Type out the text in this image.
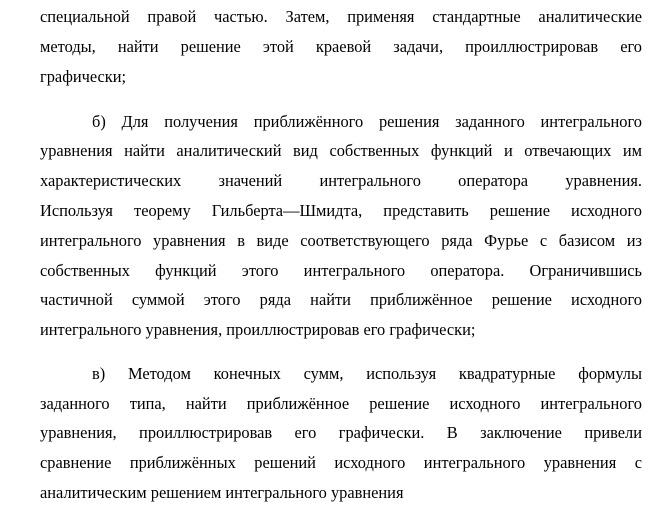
специальной правой частью. Затем, применяя стандартные аналитические
методы, найти решение этой краевой задачи, проиллюстрировав его
графически;
б) Для получения приближённого решения заданного интегрального
уравнения найти аналитический вид собственных функций и отвечающих им
характеристических значений интегрального оператора уравнения.
Используя теорему Гильберта—Шмидта, представить решение исходного
интегрального уравнения в виде соответствующего ряда Фурье с базисом из
собственных функций этого интегрального оператора. Ограничившись
частичной суммой этого ряда найти приближённое решение исходного
интегрального уравнения, проиллюстрировав его графически;
в) Методом конечных сумм, используя квадратурные формулы
заданного типа, найти приближённое решение исходного интегрального
уравнения, проиллюстрировав его графически. В заключение привели
сравнение приближённых решений исходного интегрального уравнения с
аналитическим решением интегрального уравнения
